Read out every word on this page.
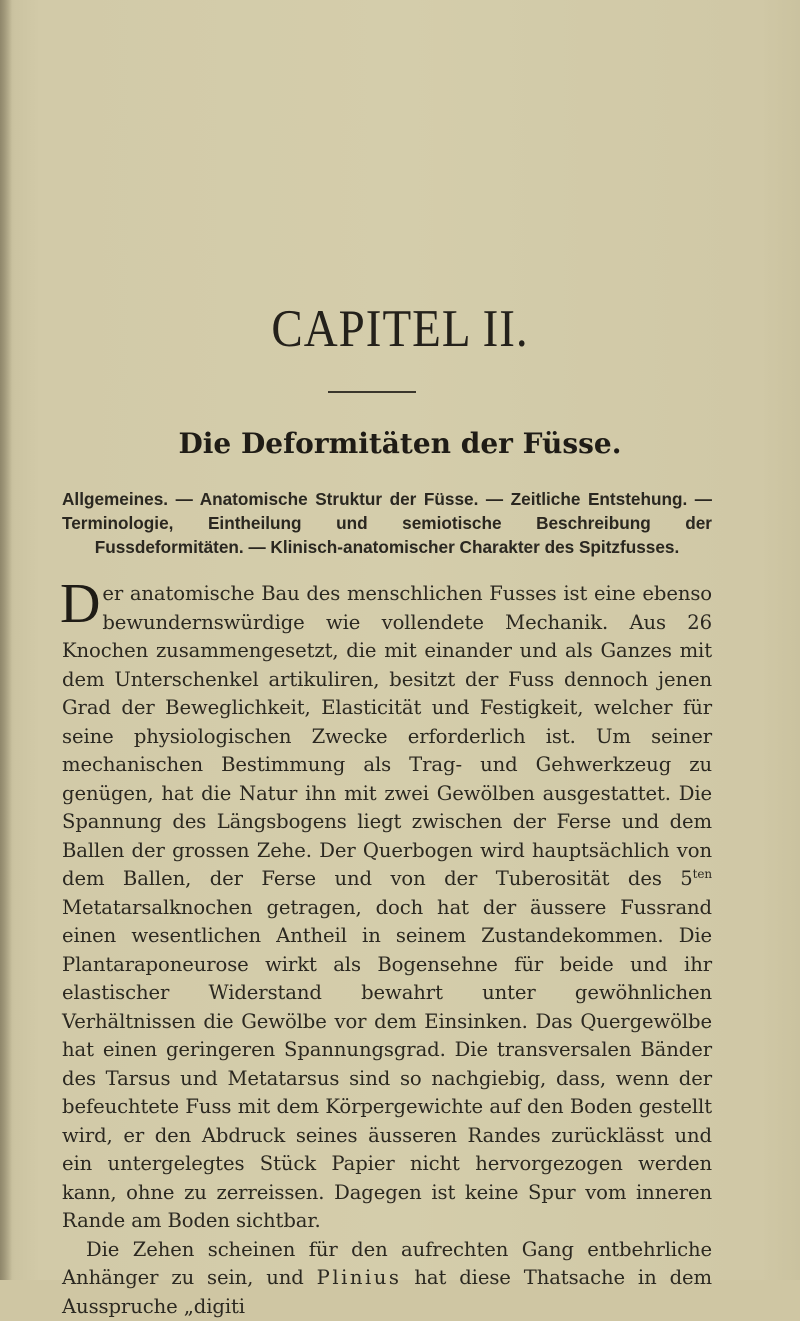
CAPITEL II.
Die Deformitäten der Füsse.
Allgemeines. — Anatomische Struktur der Füsse. — Zeitliche Entstehung. — Terminologie, Eintheilung und semiotische Beschreibung der Fussdeformitäten. — Klinisch-anatomischer Charakter des Spitzfusses.

Der anatomische Bau des menschlichen Fusses ist eine ebenso bewundernswürdige wie vollendete Mechanik. Aus 26 Knochen zusammengesetzt, die mit einander und als Ganzes mit dem Unterschenkel artikuliren, besitzt der Fuss dennoch jenen Grad der Beweglichkeit, Elasticität und Festigkeit, welcher für seine physiologischen Zwecke erforderlich ist. Um seiner mechanischen Bestimmung als Trag- und Gehwerkzeug zu genügen, hat die Natur ihn mit zwei Gewölben ausgestattet. Die Spannung des Längsbogens liegt zwischen der Ferse und dem Ballen der grossen Zehe. Der Querbogen wird hauptsächlich von dem Ballen, der Ferse und von der Tuberosität des $5^{ten}$ Metatarsalknochen getragen, doch hat der äussere Fussrand einen wesentlichen Antheil in seinem Zustandekommen. Die Plantaraponeurose wirkt als Bogensehne für beide und ihr elastischer Widerstand bewahrt unter gewöhnlichen Verhältnissen die Gewölbe vor dem Einsinken. Das Quergewölbe hat einen geringeren Spannungsgrad. Die transversalen Bänder des Tarsus und Metatarsus sind so nachgiebig, dass, wenn der befeuchtete Fuss mit dem Körpergewichte auf den Boden gestellt wird, er den Abdruck seines äusseren Randes zurücklässt und ein untergelegtes Stück Papier nicht hervorgezogen werden kann, ohne zu zerreissen. Dagegen ist keine Spur vom inneren Rande am Boden sichtbar.

Die Zehen scheinen für den aufrechten Gang entbehrliche Anhänger zu sein, und Plinius hat diese Thatsache in dem Ausspruche „digiti
